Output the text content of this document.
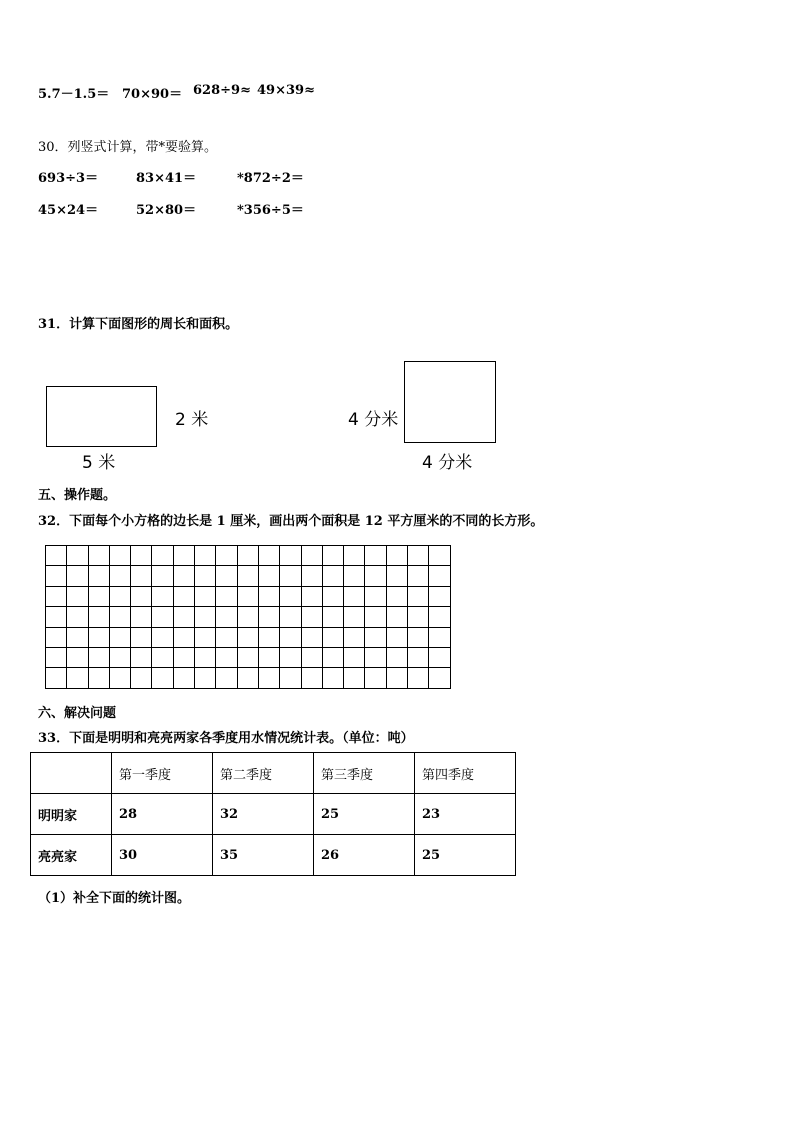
5.7－1.5＝ 70×90＝ 628÷9≈ 49×39≈
30．列竖式计算，带*要验算。
693÷3＝	83×41＝	*872÷2＝
45×24＝	52×80＝	*356÷5＝
31．计算下面图形的周长和面积。
2 米
5 米
4 分米
4 分米
五、操作题。
32．下面每个小方格的边长是 1 厘米，画出两个面积是 12 平方厘米的不同的长方形。

六、解决问题
33．下面是明明和亮亮两家各季度用水情况统计表。（单位：吨）
	第一季度	第二季度	第三季度	第四季度
明明家	28	32	25	23
亮亮家	30	35	26	25
（1）补全下面的统计图。
